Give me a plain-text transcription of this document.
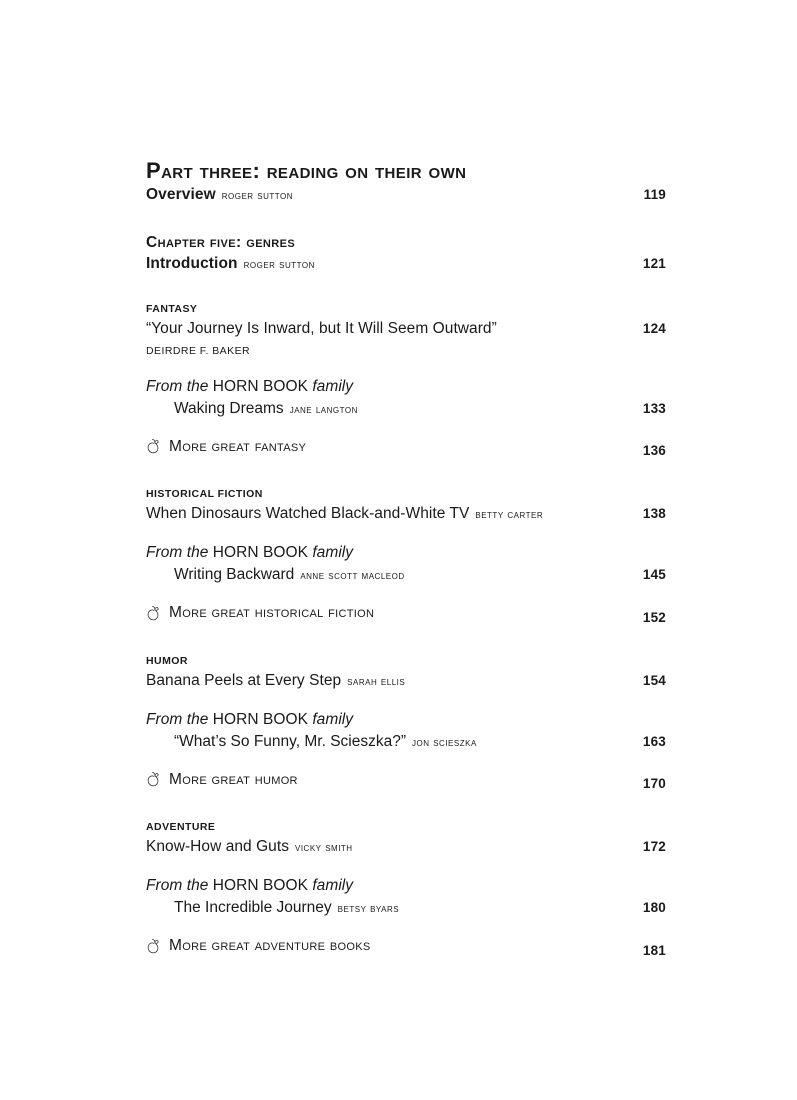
Part three: reading on their own
Overview roger sutton	119
Chapter five: genres
Introduction roger sutton	121
FANTASY
“Your Journey Is Inward, but It Will Seem Outward”	124
DEIRDRE F. BAKER
From the HORN BOOK family
Waking Dreams jane langton	133
More great fantasy	136
HISTORICAL FICTION
When Dinosaurs Watched Black-and-White TV betty carter	138
From the HORN BOOK family
Writing Backward anne scott macleod	145
More great historical fiction	152
HUMOR
Banana Peels at Every Step sarah ellis	154
From the HORN BOOK family
“What’s So Funny, Mr. Scieszka?” jon scieszka	163
More great humor	170
ADVENTURE
Know-How and Guts vicky smith	172
From the HORN BOOK family
The Incredible Journey betsy byars	180
More great adventure books	181
